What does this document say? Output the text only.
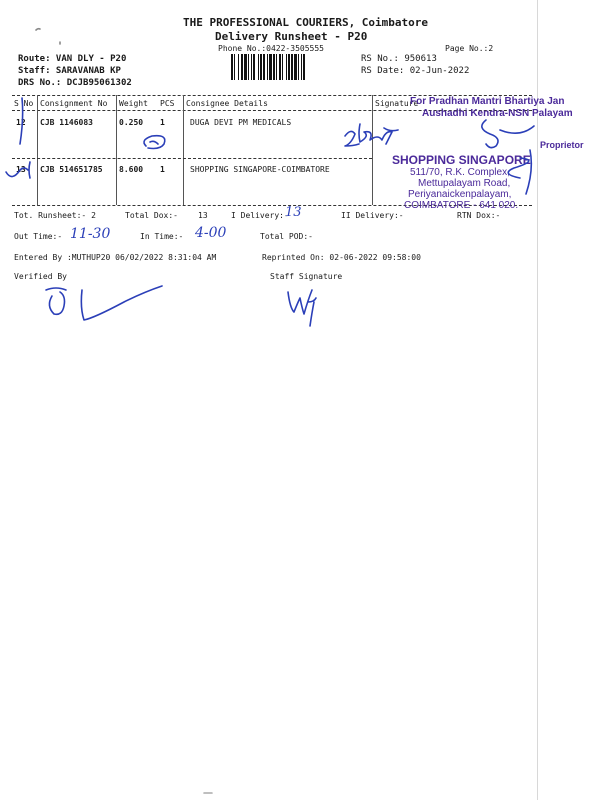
THE PROFESSIONAL COURIERS, Coimbatore
Delivery Runsheet - P20
Phone No.:0422-3505555	Page No.:2
Route: VAN DLY - P20
Staff: SARAVANAB KP
DRS No.: DCJB95061302
RS No.: 950613
RS Date: 02-Jun-2022
S No Consignment No Weight PCS Consignee Details	Signature
12 CJB 1146083	0.250 1	DUGA DEVI PM MEDICALS
13 CJB 514651785 8.600 1	SHOPPING SINGAPORE-COIMBATORE
For Pradhan Mantri Bhartiya Jan
Aushadhi Kendra-NSN Palayam
Proprietor
SHOPPING SINGAPORE
511/70, R.K. Complex,
Mettupalayam Road,
Periyanaickenpalayam,
COIMBATORE - 641 020.
Tot. Runsheet:- 2	Total Dox:-	13	I Delivery:-	II Delivery:-	RTN Dox:-
Out Time:-	In Time:-	Total POD:-
Entered By :MUTHUP20 06/02/2022 8:31:04 AM	Reprinted On: 02-06-2022 09:58:00
Verified By	Staff Signature
13
11-30	4-00
